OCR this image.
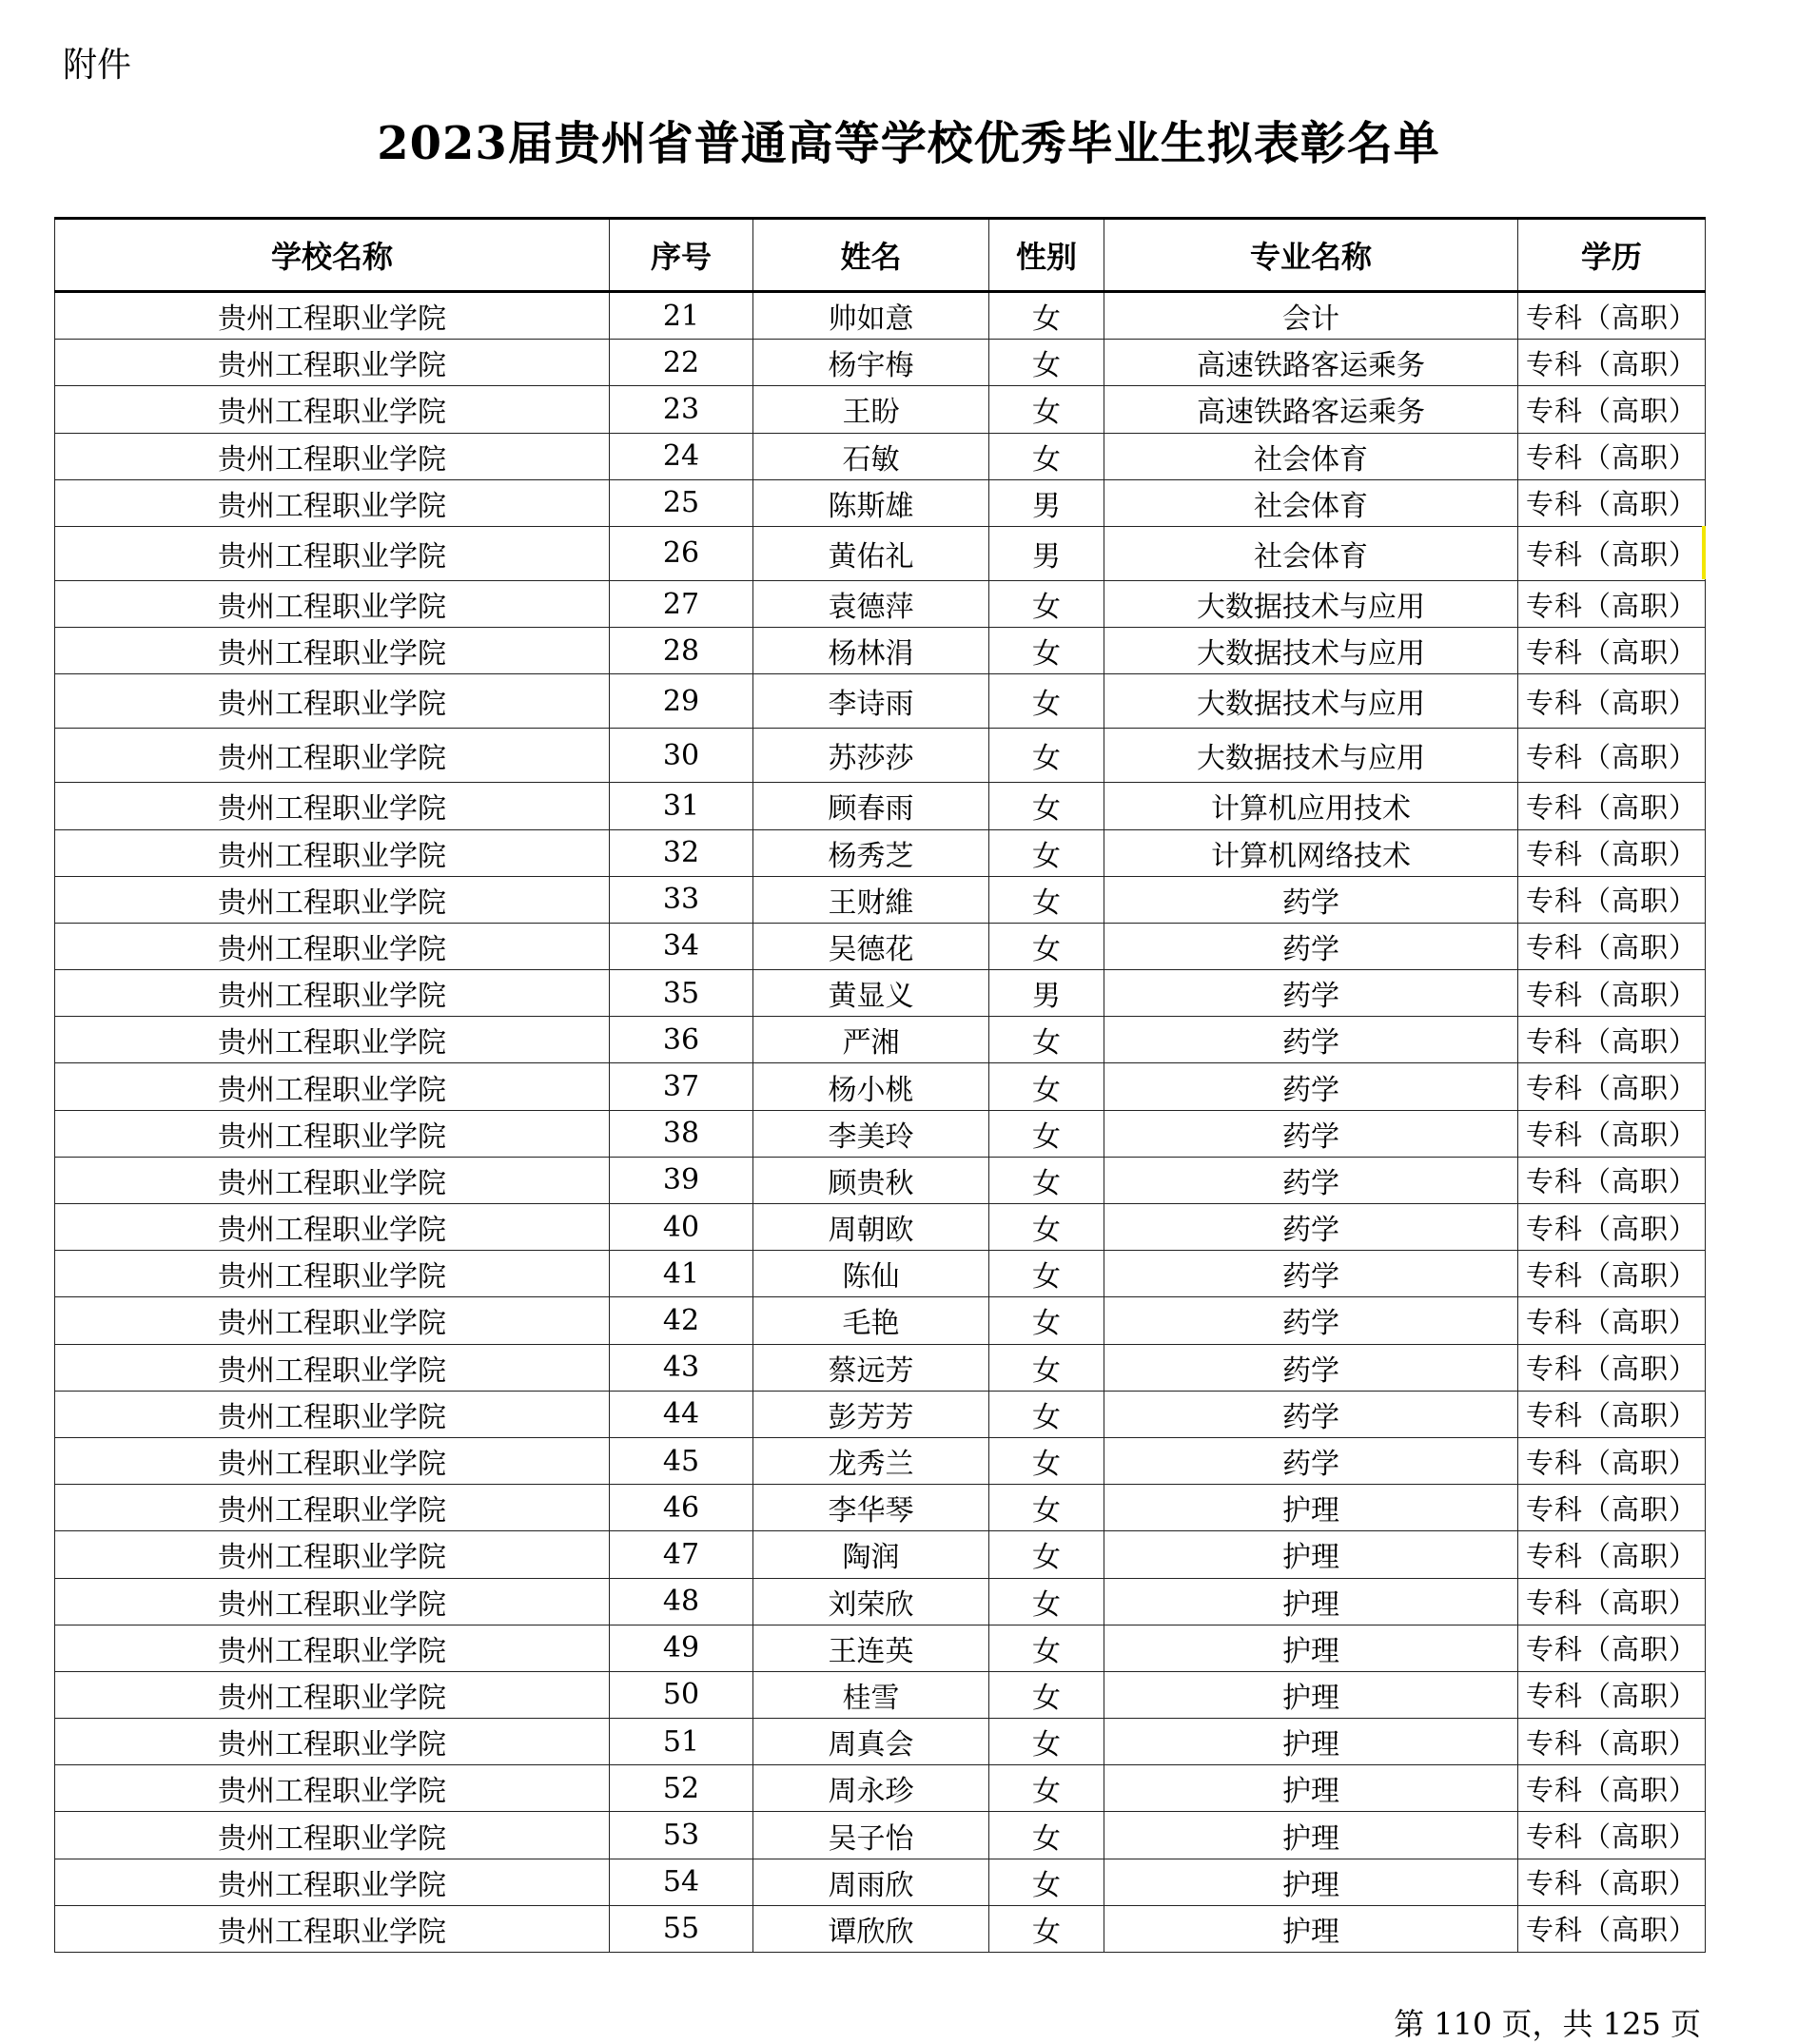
附件
2023届贵州省普通高等学校优秀毕业生拟表彰名单
学校名称	序号	姓名	性别	专业名称	学历
贵州工程职业学院	21	帅如意	女	会计	专科（高职）
贵州工程职业学院	22	杨宇梅	女	高速铁路客运乘务	专科（高职）
贵州工程职业学院	23	王盼	女	高速铁路客运乘务	专科（高职）
贵州工程职业学院	24	石敏	女	社会体育	专科（高职）
贵州工程职业学院	25	陈斯雄	男	社会体育	专科（高职）
贵州工程职业学院	26	黄佑礼	男	社会体育	专科（高职）
贵州工程职业学院	27	袁德萍	女	大数据技术与应用	专科（高职）
贵州工程职业学院	28	杨林涓	女	大数据技术与应用	专科（高职）
贵州工程职业学院	29	李诗雨	女	大数据技术与应用	专科（高职）
贵州工程职业学院	30	苏莎莎	女	大数据技术与应用	专科（高职）
贵州工程职业学院	31	顾春雨	女	计算机应用技术	专科（高职）
贵州工程职业学院	32	杨秀芝	女	计算机网络技术	专科（高职）
贵州工程职业学院	33	王财維	女	药学	专科（高职）
贵州工程职业学院	34	吴德花	女	药学	专科（高职）
贵州工程职业学院	35	黄显义	男	药学	专科（高职）
贵州工程职业学院	36	严湘	女	药学	专科（高职）
贵州工程职业学院	37	杨小桃	女	药学	专科（高职）
贵州工程职业学院	38	李美玲	女	药学	专科（高职）
贵州工程职业学院	39	顾贵秋	女	药学	专科（高职）
贵州工程职业学院	40	周朝欧	女	药学	专科（高职）
贵州工程职业学院	41	陈仙	女	药学	专科（高职）
贵州工程职业学院	42	毛艳	女	药学	专科（高职）
贵州工程职业学院	43	蔡远芳	女	药学	专科（高职）
贵州工程职业学院	44	彭芳芳	女	药学	专科（高职）
贵州工程职业学院	45	龙秀兰	女	药学	专科（高职）
贵州工程职业学院	46	李华琴	女	护理	专科（高职）
贵州工程职业学院	47	陶润	女	护理	专科（高职）
贵州工程职业学院	48	刘荣欣	女	护理	专科（高职）
贵州工程职业学院	49	王连英	女	护理	专科（高职）
贵州工程职业学院	50	桂雪	女	护理	专科（高职）
贵州工程职业学院	51	周真会	女	护理	专科（高职）
贵州工程职业学院	52	周永珍	女	护理	专科（高职）
贵州工程职业学院	53	吴子怡	女	护理	专科（高职）
贵州工程职业学院	54	周雨欣	女	护理	专科（高职）
贵州工程职业学院	55	谭欣欣	女	护理	专科（高职）
第 110 页，共 125 页
